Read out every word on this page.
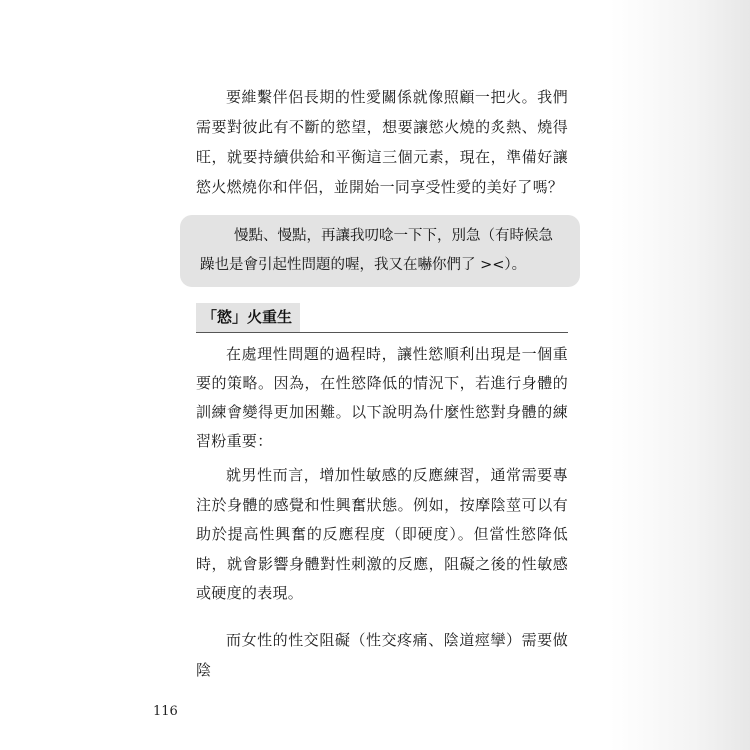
要維繫伴侶長期的性愛關係就像照顧一把火。我們需要對彼此有不斷的慾望，想要讓慾火燒的炙熱、燒得旺，就要持續供給和平衡這三個元素，現在，準備好讓慾火燃燒你和伴侶，並開始一同享受性愛的美好了嗎？

慢點、慢點，再讓我叨唸一下下，別急（有時候急躁也是會引起性問題的喔，我又在嚇你們了 ><）。

「慾」火重生

在處理性問題的過程時，讓性慾順利出現是一個重要的策略。因為，在性慾降低的情況下，若進行身體的訓練會變得更加困難。以下說明為什麼性慾對身體的練習粉重要：

就男性而言，增加性敏感的反應練習，通常需要專注於身體的感覺和性興奮狀態。例如，按摩陰莖可以有助於提高性興奮的反應程度（即硬度）。但當性慾降低時，就會影響身體對性刺激的反應，阻礙之後的性敏感或硬度的表現。

而女性的性交阻礙（性交疼痛、陰道痙攣）需要做陰

116
